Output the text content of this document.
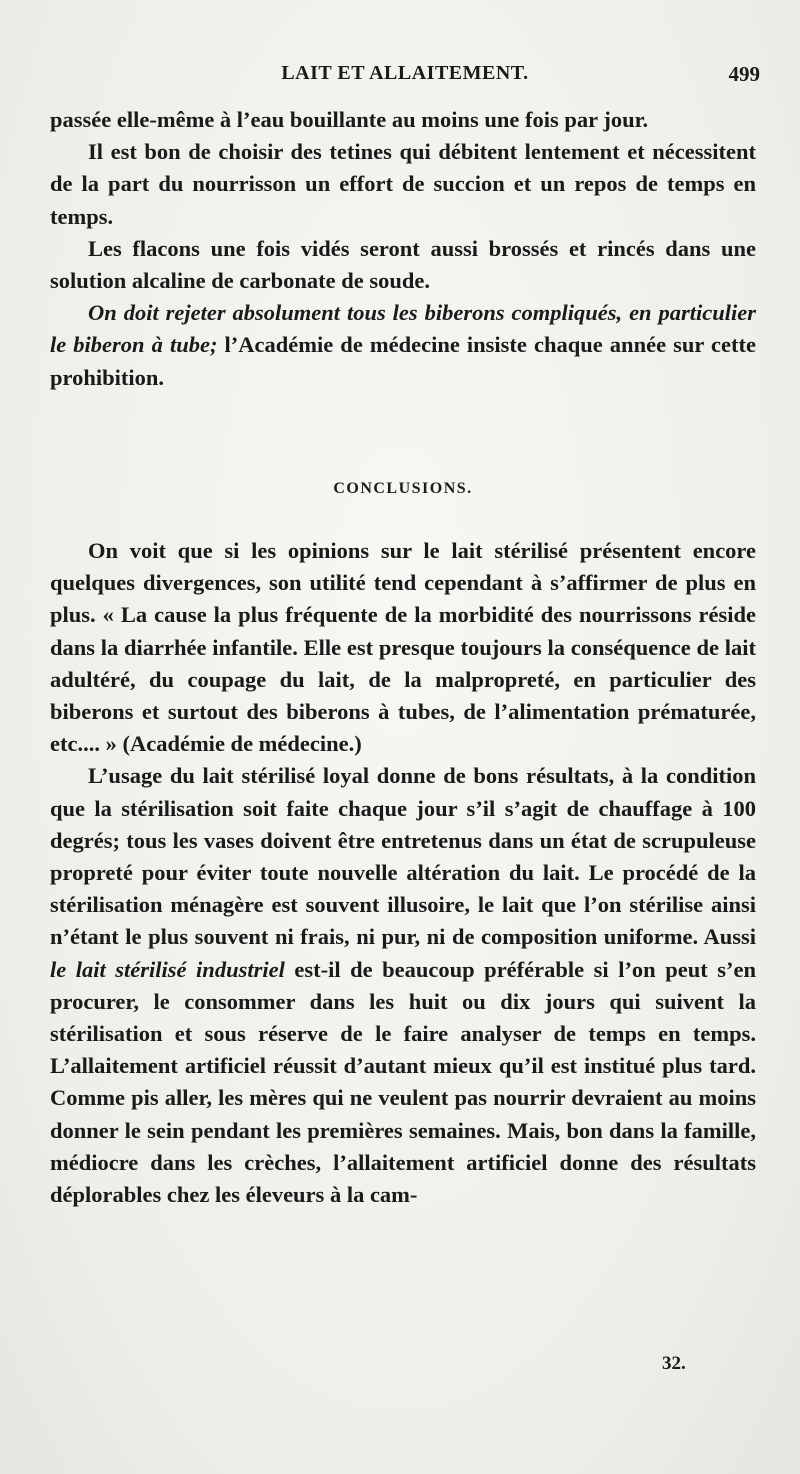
LAIT ET ALLAITEMENT.	499

passée elle-même à l’eau bouillante au moins une fois par jour.

Il est bon de choisir des tetines qui débitent lentement et nécessitent de la part du nourrisson un effort de succion et un repos de temps en temps.

Les flacons une fois vidés seront aussi brossés et rincés dans une solution alcaline de carbonate de soude.

On doit rejeter absolument tous les biberons compliqués, en particulier le biberon à tube; l’Académie de médecine insiste chaque année sur cette prohibition.

CONCLUSIONS.

On voit que si les opinions sur le lait stérilisé présentent encore quelques divergences, son utilité tend cependant à s’affirmer de plus en plus. « La cause la plus fréquente de la morbidité des nourrissons réside dans la diarrhée infantile. Elle est presque toujours la conséquence de lait adultéré, du coupage du lait, de la malpropreté, en particulier des biberons et surtout des biberons à tubes, de l’alimentation prématurée, etc.... » (Académie de médecine.)

L’usage du lait stérilisé loyal donne de bons résultats, à la condition que la stérilisation soit faite chaque jour s’il s’agit de chauffage à 100 degrés; tous les vases doivent être entretenus dans un état de scrupuleuse propreté pour éviter toute nouvelle altération du lait. Le procédé de la stérilisation ménagère est souvent illusoire, le lait que l’on stérilise ainsi n’étant le plus souvent ni frais, ni pur, ni de composition uniforme. Aussi le lait stérilisé industriel est-il de beaucoup préférable si l’on peut s’en procurer, le consommer dans les huit ou dix jours qui suivent la stérilisation et sous réserve de le faire analyser de temps en temps. L’allaitement artificiel réussit d’autant mieux qu’il est institué plus tard. Comme pis aller, les mères qui ne veulent pas nourrir devraient au moins donner le sein pendant les premières semaines. Mais, bon dans la famille, médiocre dans les crèches, l’allaitement artificiel donne des résultats déplorables chez les éleveurs à la cam-

32.
